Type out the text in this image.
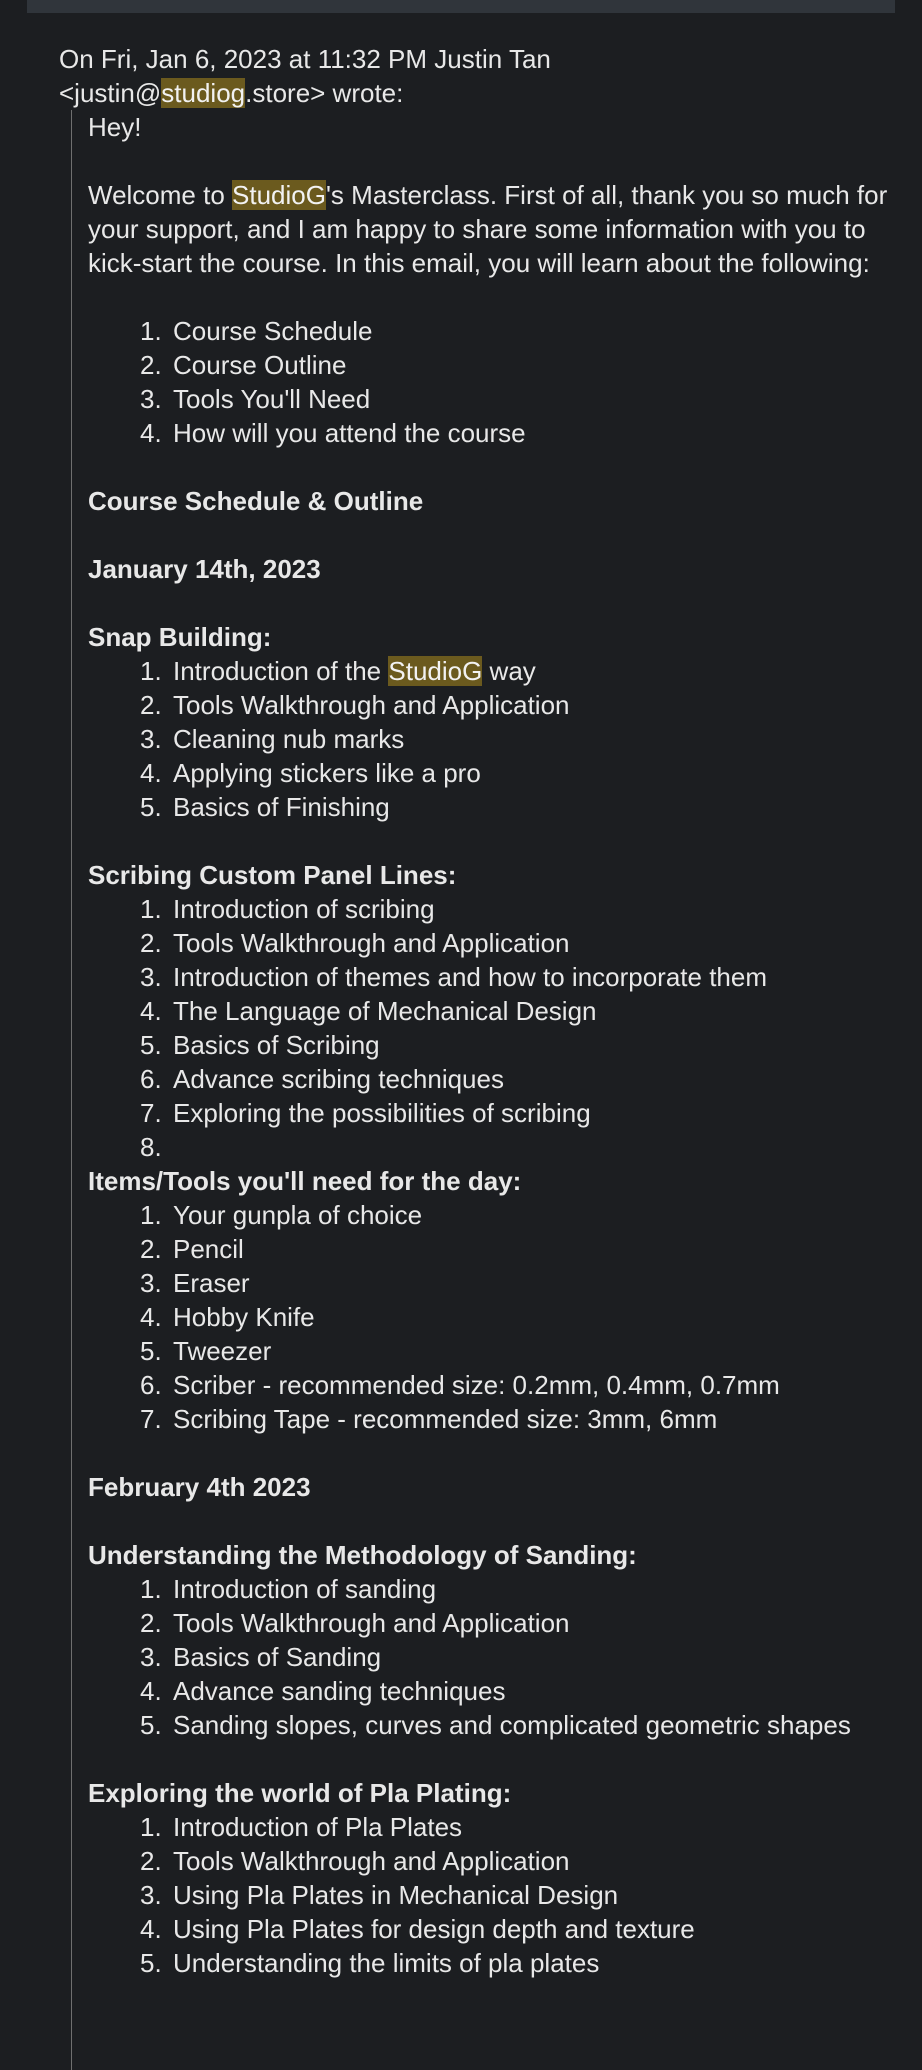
On Fri, Jan 6, 2023 at 11:32 PM Justin Tan
<justin@studiog.store> wrote:

Hey!

Welcome to StudioG's Masterclass. First of all, thank you so much for your support, and I am happy to share some information with you to kick-start the course. In this email, you will learn about the following:

1. Course Schedule
2. Course Outline
3. Tools You'll Need
4. How will you attend the course

Course Schedule & Outline

January 14th, 2023

Snap Building:

1. Introduction of the StudioG way
2. Tools Walkthrough and Application
3. Cleaning nub marks
4. Applying stickers like a pro
5. Basics of Finishing

Scribing Custom Panel Lines:

1. Introduction of scribing
2. Tools Walkthrough and Application
3. Introduction of themes and how to incorporate them
4. The Language of Mechanical Design
5. Basics of Scribing
6. Advance scribing techniques
7. Exploring the possibilities of scribing
8.

Items/Tools you'll need for the day:

1. Your gunpla of choice
2. Pencil
3. Eraser
4. Hobby Knife
5. Tweezer
6. Scriber - recommended size: 0.2mm, 0.4mm, 0.7mm
7. Scribing Tape - recommended size: 3mm, 6mm

February 4th 2023

Understanding the Methodology of Sanding:

1. Introduction of sanding
2. Tools Walkthrough and Application
3. Basics of Sanding
4. Advance sanding techniques
5. Sanding slopes, curves and complicated geometric shapes

Exploring the world of Pla Plating:

1. Introduction of Pla Plates
2. Tools Walkthrough and Application
3. Using Pla Plates in Mechanical Design
4. Using Pla Plates for design depth and texture
5. Understanding the limits of pla plates
